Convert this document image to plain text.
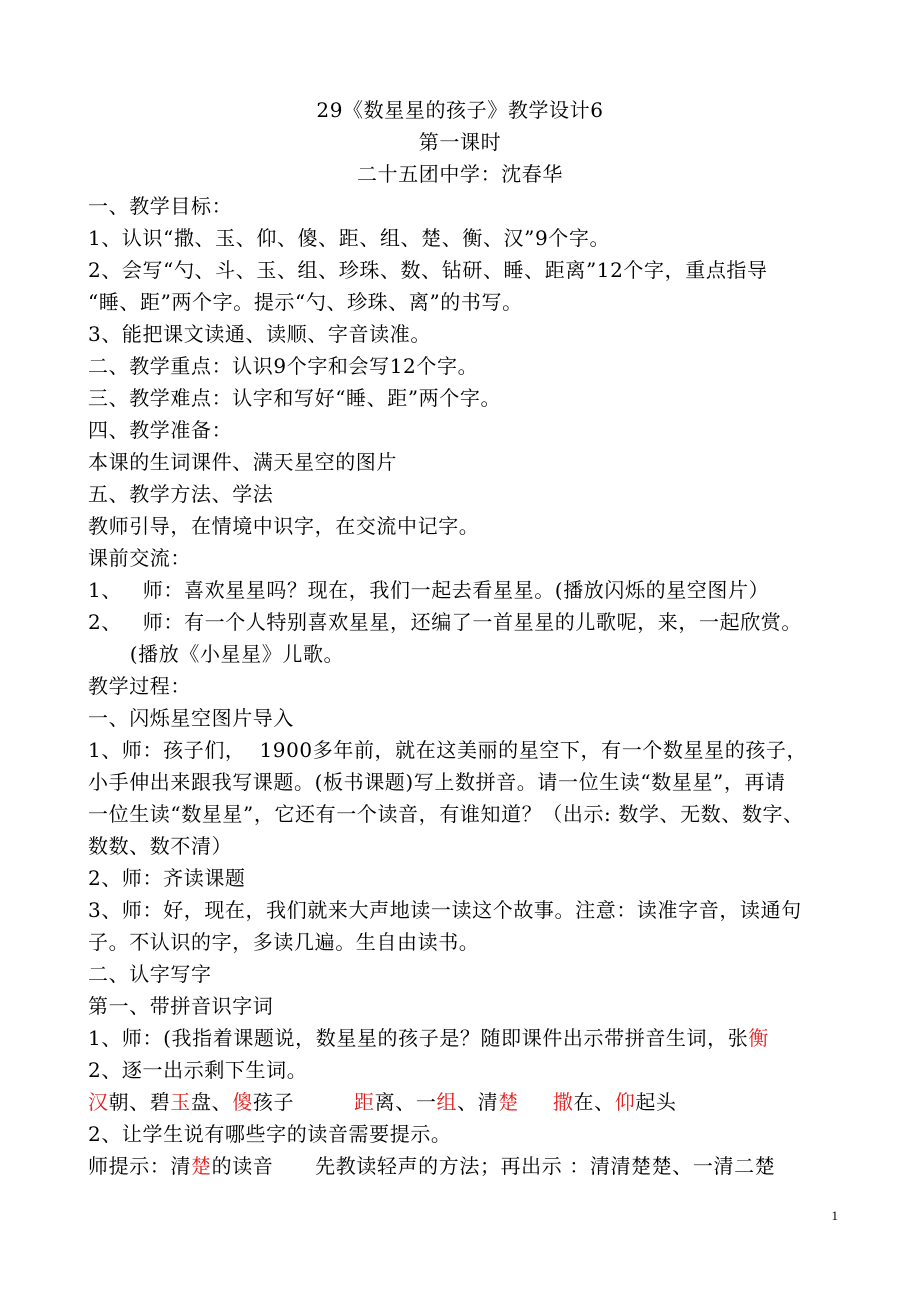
29《数星星的孩子》教学设计6
第一课时
二十五团中学：沈春华
一、教学目标：
1、认识“撒、玉、仰、傻、距、组、楚、衡、汉”9个字。
2、会写“勺、斗、玉、组、珍珠、数、钻研、睡、距离”12个字，重点指导
“睡、距”两个字。提示“勺、珍珠、离”的书写。
3、能把课文读通、读顺、字音读准。
二、教学重点：认识9个字和会写12个字。
三、教学难点：认字和写好“睡、距”两个字。
四、教学准备：
本课的生词课件、满天星空的图片
五、教学方法、学法
教师引导，在情境中识字，在交流中记字。
课前交流：
1、   师：喜欢星星吗？现在，我们一起去看星星。(播放闪烁的星空图片）
2、   师：有一个人特别喜欢星星，还编了一首星星的儿歌呢，来，一起欣赏。
(播放《小星星》儿歌。
教学过程：
一、闪烁星空图片导入
1、师：孩子们，  1900多年前，就在这美丽的星空下，有一个数星星的孩子，
小手伸出来跟我写课题。(板书课题)写上数拼音。请一位生读“数星星”，再请
一位生读“数星星”，它还有一个读音，有谁知道？（出示: 数学、无数、数字、
数数、数不清）
2、师：齐读课题
3、师：好，现在，我们就来大声地读一读这个故事。注意：读准字音，读通句
子。不认识的字，多读几遍。生自由读书。
二、认字写字
第一、带拼音识字词
1、师：(我指着课题说，数星星的孩子是？随即课件出示带拼音生词，张衡
2、逐一出示剩下生词。
汉朝、碧玉盘、傻孩子	距离、一组、清楚 撒在、仰起头
2、让学生说有哪些字的读音需要提示。
师提示：清楚的读音      先教读轻声的方法；再出示 ：清清楚楚、一清二楚
1
